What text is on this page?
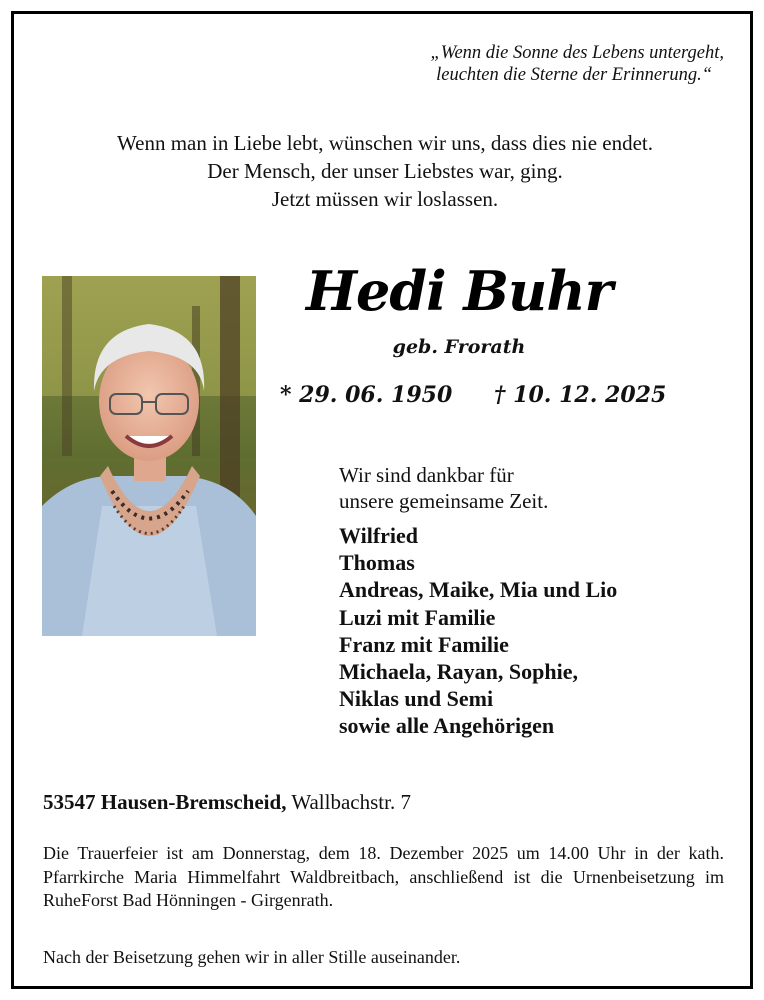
„Wenn die Sonne des Lebens untergeht,
leuchten die Sterne der Erinnerung.“
Wenn man in Liebe lebt, wünschen wir uns, dass dies nie endet.
Der Mensch, der unser Liebstes war, ging.
Jetzt müssen wir loslassen.
Hedi Buhr
geb. Frorath
* 29. 06. 1950 † 10. 12. 2025
Wir sind dankbar für
unsere gemeinsame Zeit.
Wilfried
Thomas
Andreas, Maike, Mia und Lio
Luzi mit Familie
Franz mit Familie
Michaela, Rayan, Sophie,
Niklas und Semi
sowie alle Angehörigen
53547 Hausen-Bremscheid, Wallbachstr. 7
Die Trauerfeier ist am Donnerstag, dem 18. Dezember 2025 um 14.00 Uhr in der kath. Pfarrkirche Maria Himmelfahrt Waldbreitbach, anschließend ist die Urnenbeisetzung im RuheForst Bad Hönningen - Girgenrath.
Nach der Beisetzung gehen wir in aller Stille auseinander.
